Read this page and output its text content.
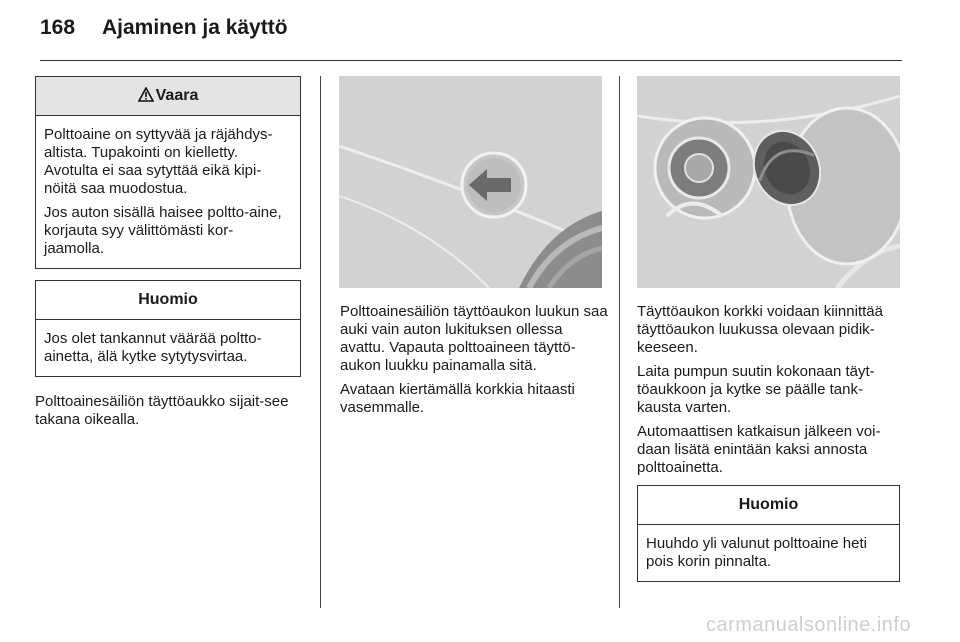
168 Ajaminen ja käyttö
Vaara

Polttoaine on syttyvää ja räjähdys-altista. Tupakointi on kielletty. Avotulta ei saa sytyttää eikä kipi-nöitä saa muodostua.

Jos auton sisällä haisee poltto-aine, korjauta syy välittömästi kor-jaamolla.

Huomio

Jos olet tankannut väärää poltto-ainetta, älä kytke sytytysvirtaa.

Polttoainesäiliön täyttöaukko sijait-see takana oikealla.

Polttoainesäiliön täyttöaukon luukun saa auki vain auton lukituksen ollessa avattu. Vapauta polttoaineen täyttö-aukon luukku painamalla sitä.

Avataan kiertämällä korkkia hitaasti vasemmalle.

Täyttöaukon korkki voidaan kiinnittää täyttöaukon luukussa olevaan pidik-keeseen.

Laita pumpun suutin kokonaan täyt-töaukkoon ja kytke se päälle tank-kausta varten.

Automaattisen katkaisun jälkeen voi-daan lisätä enintään kaksi annosta polttoainetta.

Huomio

Huuhdo yli valunut polttoaine heti pois korin pinnalta.

carmanualsonline.info
